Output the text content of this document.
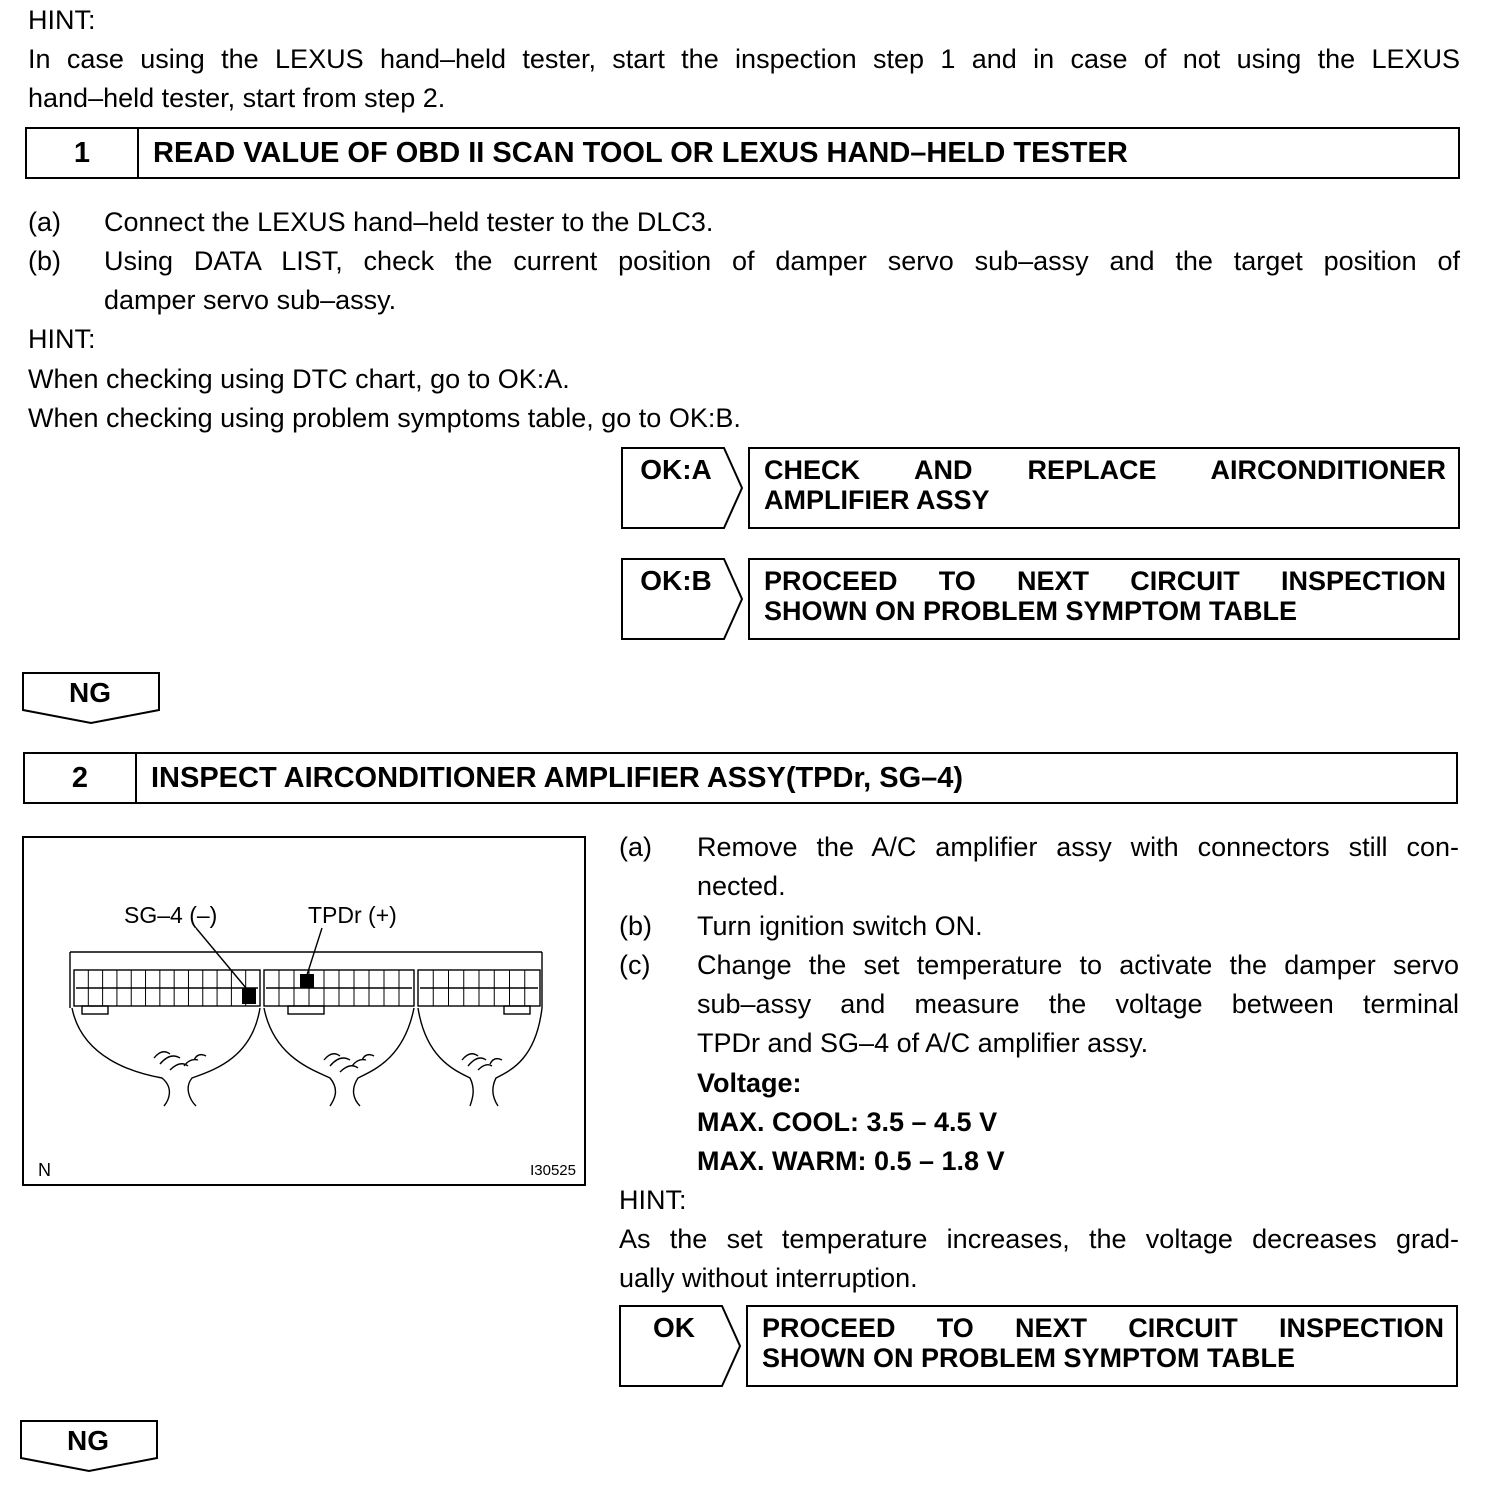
HINT:
In case using the LEXUS hand–held tester, start the inspection step 1 and in case of not using the LEXUS
hand–held tester, start from step 2.
1	READ VALUE OF OBD II SCAN TOOL OR LEXUS HAND–HELD TESTER
(a) Connect the LEXUS hand–held tester to the DLC3.
(b) Using DATA LIST, check the current position of damper servo sub–assy and the target position of
damper servo sub–assy.
HINT:
When checking using DTC chart, go to OK:A.
When checking using problem symptoms table, go to OK:B.
OK:A	CHECK AND REPLACE AIRCONDITIONER
AMPLIFIER ASSY
OK:B	PROCEED TO NEXT CIRCUIT INSPECTION
SHOWN ON PROBLEM SYMPTOM TABLE
NG
2	INSPECT AIRCONDITIONER AMPLIFIER ASSY(TPDr, SG–4)
SG–4 (–)	TPDr (+)
N	I30525
(a) Remove the A/C amplifier assy with connectors still con-
nected.
(b) Turn ignition switch ON.
(c) Change the set temperature to activate the damper servo
sub–assy and measure the voltage between terminal
TPDr and SG–4 of A/C amplifier assy.
Voltage:
MAX. COOL: 3.5 – 4.5 V
MAX. WARM: 0.5 – 1.8 V
HINT:
As the set temperature increases, the voltage decreases grad-
ually without interruption.
OK	PROCEED TO NEXT CIRCUIT INSPECTION
SHOWN ON PROBLEM SYMPTOM TABLE
NG
